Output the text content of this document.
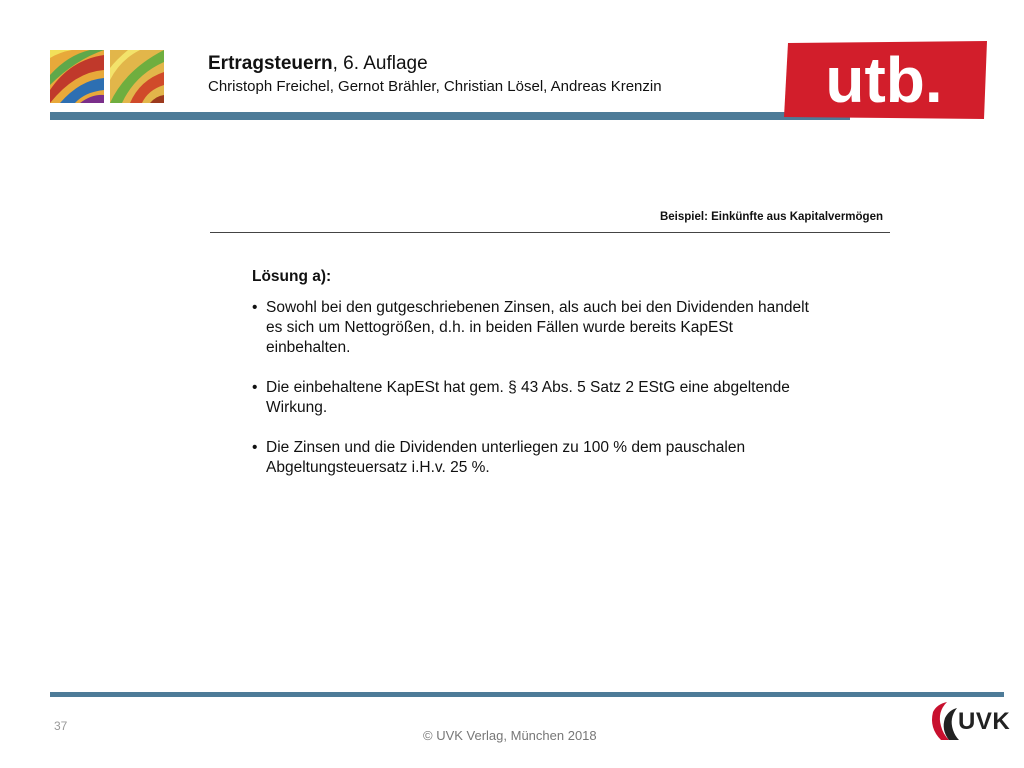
Ertragsteuern, 6. Auflage
Christoph Freichel, Gernot Brähler, Christian Lösel, Andreas Krenzin	utb.
Beispiel: Einkünfte aus Kapitalvermögen
Lösung a):
• Sowohl bei den gutgeschriebenen Zinsen, als auch bei den Dividenden handelt
es sich um Nettogrößen, d.h. in beiden Fällen wurde bereits KapESt
einbehalten.
• Die einbehaltene KapESt hat gem. § 43 Abs. 5 Satz 2 EStG eine abgeltende
Wirkung.
• Die Zinsen und die Dividenden unterliegen zu 100 % dem pauschalen
Abgeltungsteuersatz i.H.v. 25 %.
37
© UVK Verlag, München 2018
UVK
